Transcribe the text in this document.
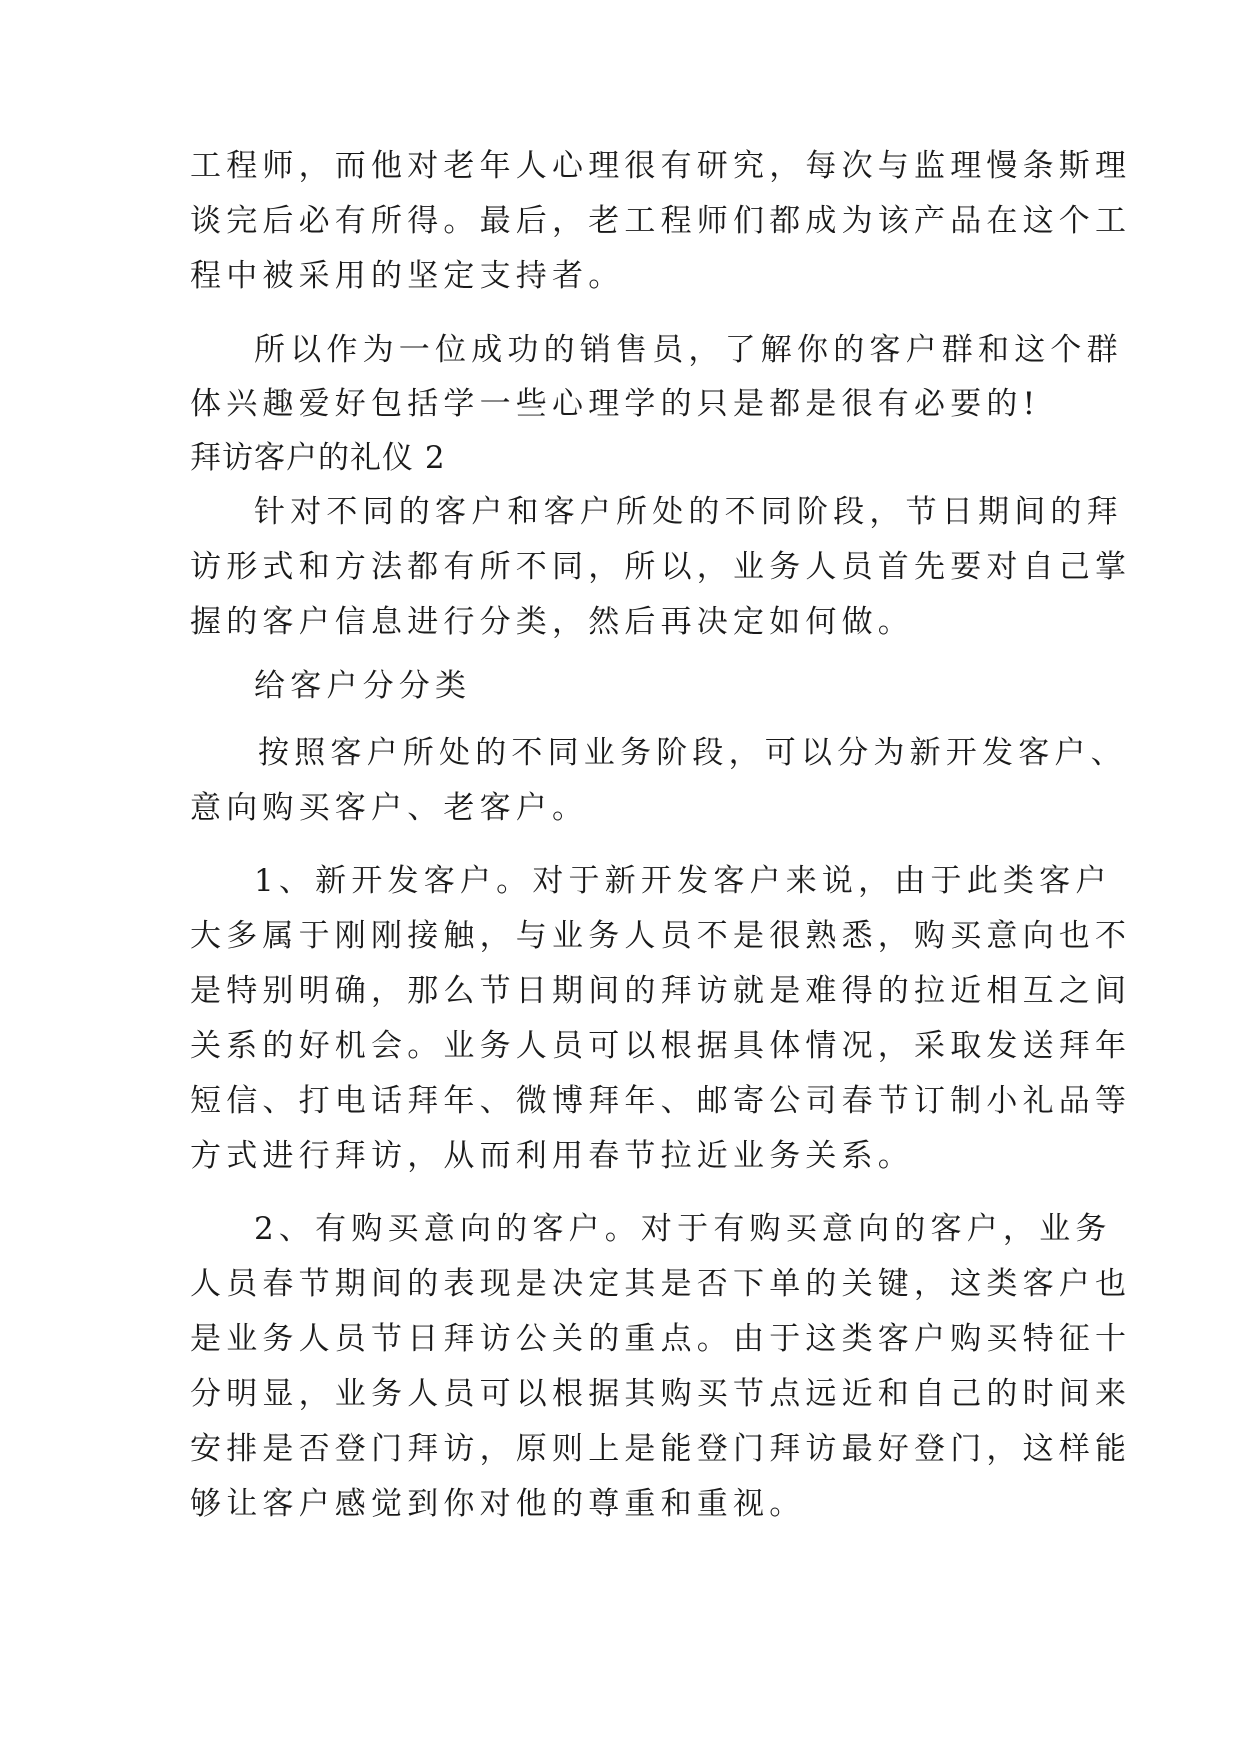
工程师，而他对老年人心理很有研究，每次与监理慢条斯理
谈完后必有所得。最后，老工程师们都成为该产品在这个工
程中被采用的坚定支持者。
所以作为一位成功的销售员，了解你的客户群和这个群
体兴趣爱好包括学一些心理学的只是都是很有必要的!
拜访客户的礼仪 2
针对不同的客户和客户所处的不同阶段，节日期间的拜
访形式和方法都有所不同，所以，业务人员首先要对自己掌
握的客户信息进行分类，然后再决定如何做。
给客户分分类
按照客户所处的不同业务阶段，可以分为新开发客户、
意向购买客户、老客户。
1、新开发客户。对于新开发客户来说，由于此类客户
大多属于刚刚接触，与业务人员不是很熟悉，购买意向也不
是特别明确，那么节日期间的拜访就是难得的拉近相互之间
关系的好机会。业务人员可以根据具体情况，采取发送拜年
短信、打电话拜年、微博拜年、邮寄公司春节订制小礼品等
方式进行拜访，从而利用春节拉近业务关系。
2、有购买意向的客户。对于有购买意向的客户，业务
人员春节期间的表现是决定其是否下单的关键，这类客户也
是业务人员节日拜访公关的重点。由于这类客户购买特征十
分明显，业务人员可以根据其购买节点远近和自己的时间来
安排是否登门拜访，原则上是能登门拜访最好登门，这样能
够让客户感觉到你对他的尊重和重视。
